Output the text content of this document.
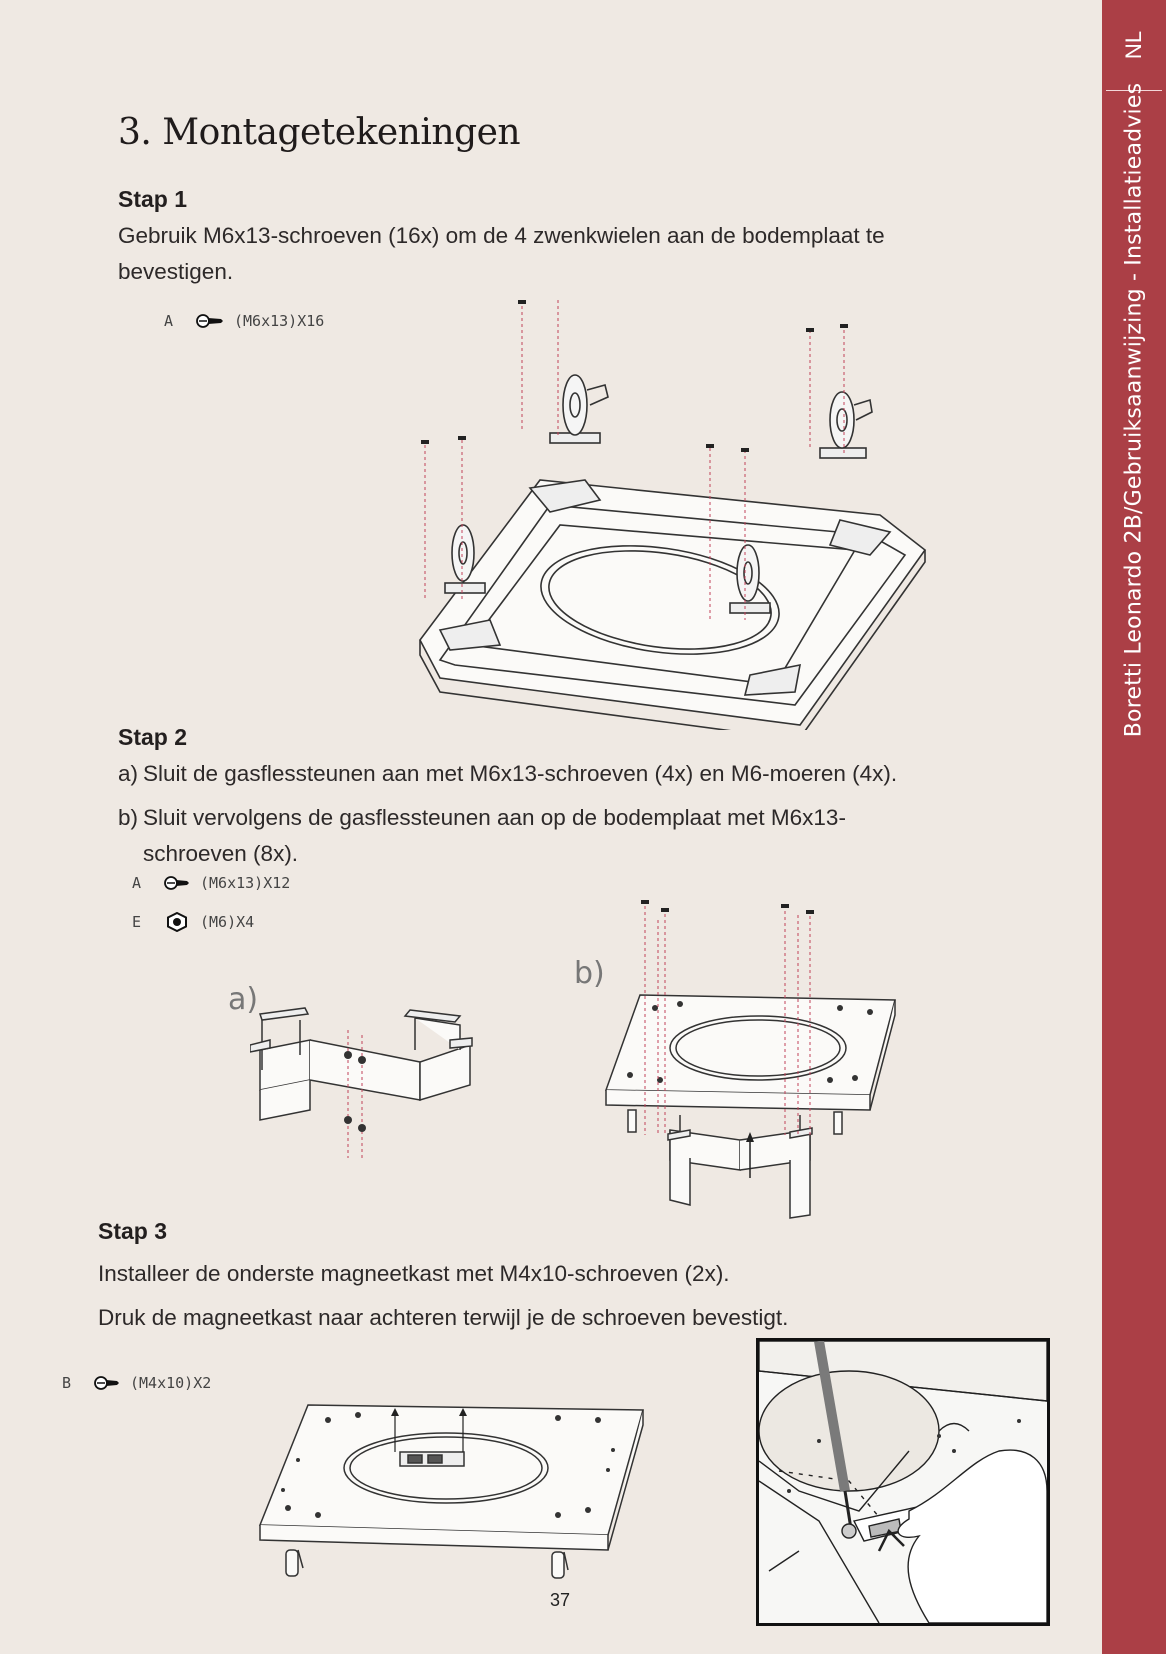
NL
Boretti Leonardo 2B/Gebruiksaanwijzing - Installatieadvies
3. Montagetekeningen
Stap 1
Gebruik M6x13-schroeven (16x) om de 4 zwenkwielen aan de bodemplaat te bevestigen.
A	(M6x13)X16
Stap 2
a) Sluit de gasflessteunen aan met M6x13-schroeven (4x) en M6-moeren (4x).
b) Sluit vervolgens de gasflessteunen aan op de bodemplaat met M6x13-schroeven (8x).
A	(M6x13)X12
E	(M6)X4
a)
b)
Stap 3
Installeer de onderste magneetkast met M4x10-schroeven (2x).
Druk de magneetkast naar achteren terwijl je de schroeven bevestigt.
B	(M4x10)X2
37
